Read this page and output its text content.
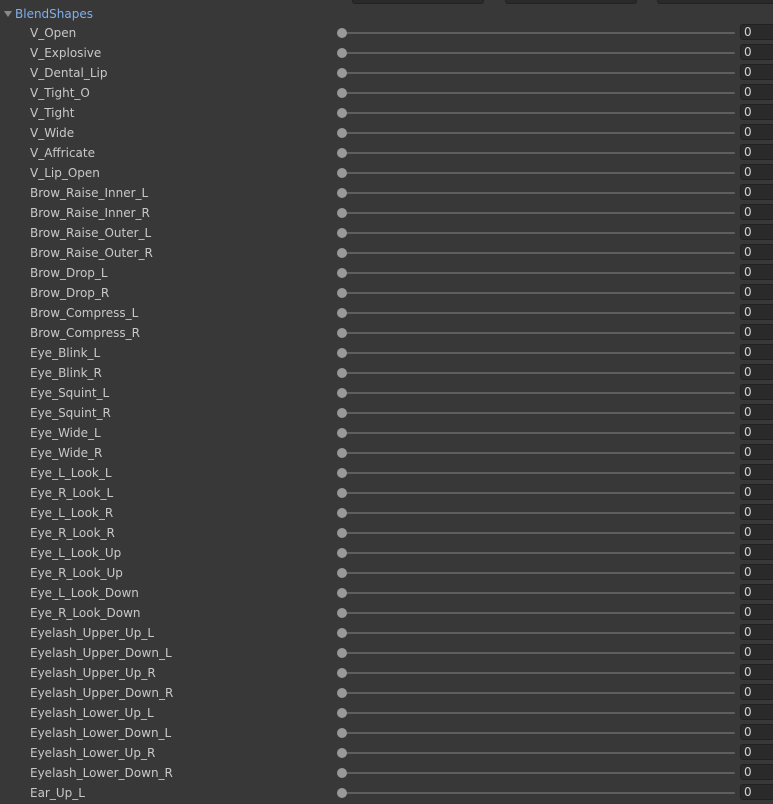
BlendShapes
V_Open	0
V_Explosive	0
V_Dental_Lip	0
V_Tight_O	0
V_Tight	0
V_Wide	0
V_Affricate	0
V_Lip_Open	0
Brow_Raise_Inner_L	0
Brow_Raise_Inner_R	0
Brow_Raise_Outer_L	0
Brow_Raise_Outer_R	0
Brow_Drop_L	0
Brow_Drop_R	0
Brow_Compress_L	0
Brow_Compress_R	0
Eye_Blink_L	0
Eye_Blink_R	0
Eye_Squint_L	0
Eye_Squint_R	0
Eye_Wide_L	0
Eye_Wide_R	0
Eye_L_Look_L	0
Eye_R_Look_L	0
Eye_L_Look_R	0
Eye_R_Look_R	0
Eye_L_Look_Up	0
Eye_R_Look_Up	0
Eye_L_Look_Down	0
Eye_R_Look_Down	0
Eyelash_Upper_Up_L	0
Eyelash_Upper_Down_L	0
Eyelash_Upper_Up_R	0
Eyelash_Upper_Down_R	0
Eyelash_Lower_Up_L	0
Eyelash_Lower_Down_L	0
Eyelash_Lower_Up_R	0
Eyelash_Lower_Down_R	0
Ear_Up_L	0
